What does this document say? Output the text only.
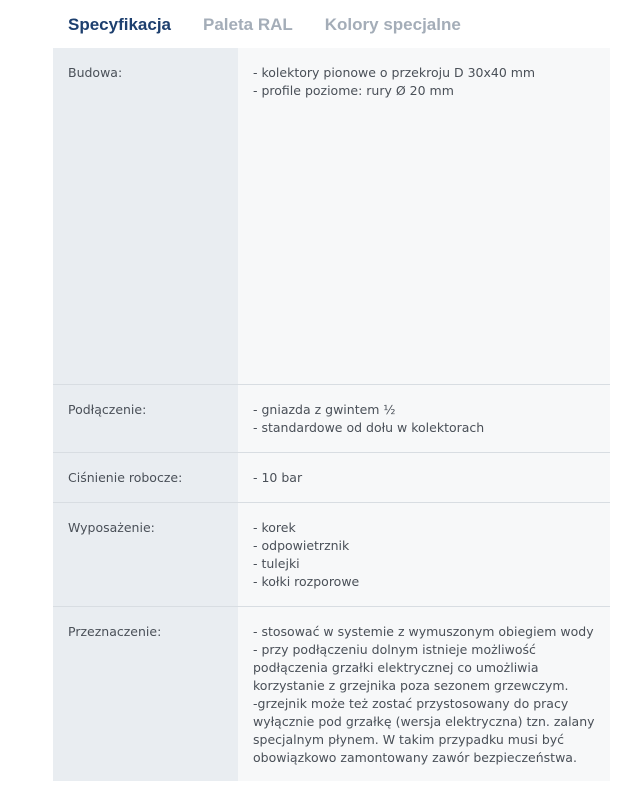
Specyfikacja Paleta RAL Kolory specjalne
Budowa:	- kolektory pionowe o przekroju D 30x40 mm
- profile poziome: rury Ø 20 mm
Podłączenie:	- gniazda z gwintem ½
- standardowe od dołu w kolektorach
Ciśnienie robocze:	- 10 bar
Wyposażenie:	- korek
- odpowietrznik
- tulejki
- kołki rozporowe
Przeznaczenie:	- stosować w systemie z wymuszonym obiegiem wody
- przy podłączeniu dolnym istnieje możliwość podłączenia grzałki elektrycznej co umożliwia korzystanie z grzejnika poza sezonem grzewczym.
-grzejnik może też zostać przystosowany do pracy wyłącznie pod grzałkę (wersja elektryczna) tzn. zalany specjalnym płynem. W takim przypadku musi być obowiązkowo zamontowany zawór bezpieczeństwa.
